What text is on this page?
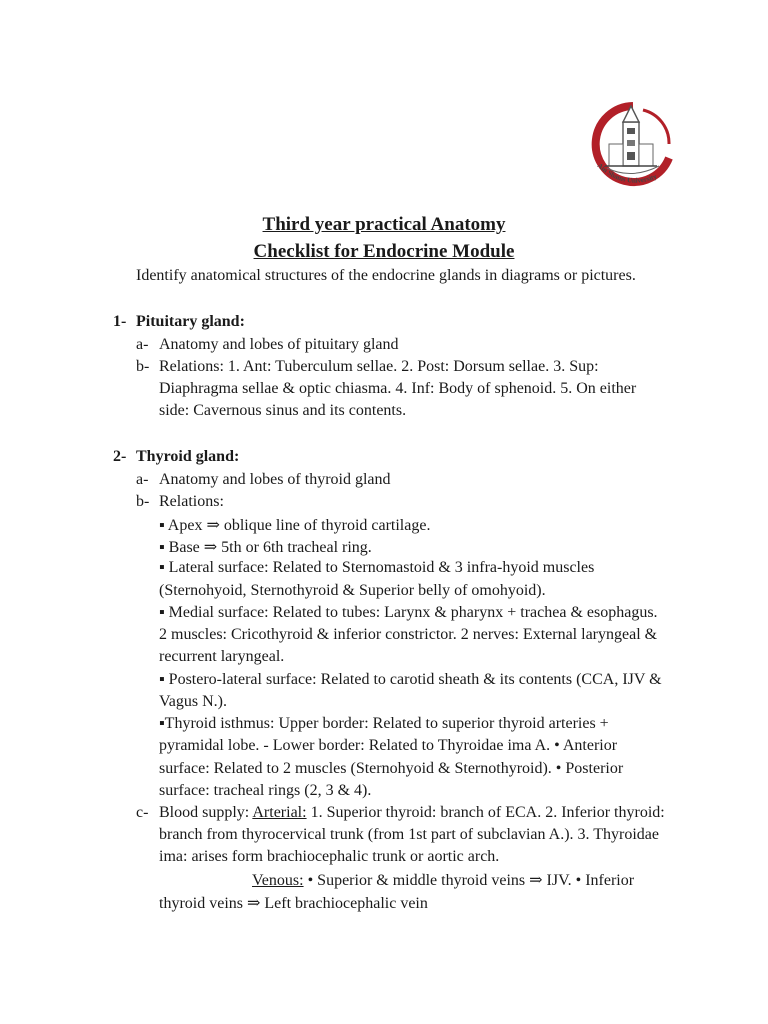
Ain Shams University
Third year practical Anatomy
Checklist for Endocrine Module
Identify anatomical structures of the endocrine glands in diagrams or pictures.
1- Pituitary gland:
a- Anatomy and lobes of pituitary gland
b- Relations: 1. Ant: Tuberculum sellae. 2. Post: Dorsum sellae. 3. Sup:
Diaphragma sellae & optic chiasma. 4. Inf: Body of sphenoid. 5. On either
side: Cavernous sinus and its contents.
2- Thyroid gland:
a- Anatomy and lobes of thyroid gland
b- Relations:
▪ Apex ⇒ oblique line of thyroid cartilage.
▪ Base ⇒ 5th or 6th tracheal ring.
▪ Lateral surface: Related to Sternomastoid & 3 infra-hyoid muscles
(Sternohyoid, Sternothyroid & Superior belly of omohyoid).
▪ Medial surface: Related to tubes: Larynx & pharynx + trachea & esophagus.
2 muscles: Cricothyroid & inferior constrictor. 2 nerves: External laryngeal &
recurrent laryngeal.
▪ Postero-lateral surface: Related to carotid sheath & its contents (CCA, IJV &
Vagus N.).
▪Thyroid isthmus: Upper border: Related to superior thyroid arteries +
pyramidal lobe. - Lower border: Related to Thyroidae ima A. • Anterior
surface: Related to 2 muscles (Sternohyoid & Sternothyroid). • Posterior
surface: tracheal rings (2, 3 & 4).
c- Blood supply: Arterial: 1. Superior thyroid: branch of ECA. 2. Inferior thyroid:
branch from thyrocervical trunk (from 1st part of subclavian A.). 3. Thyroidae
ima: arises form brachiocephalic trunk or aortic arch.
Venous: • Superior & middle thyroid veins ⇒ IJV. • Inferior
thyroid veins ⇒ Left brachiocephalic vein
